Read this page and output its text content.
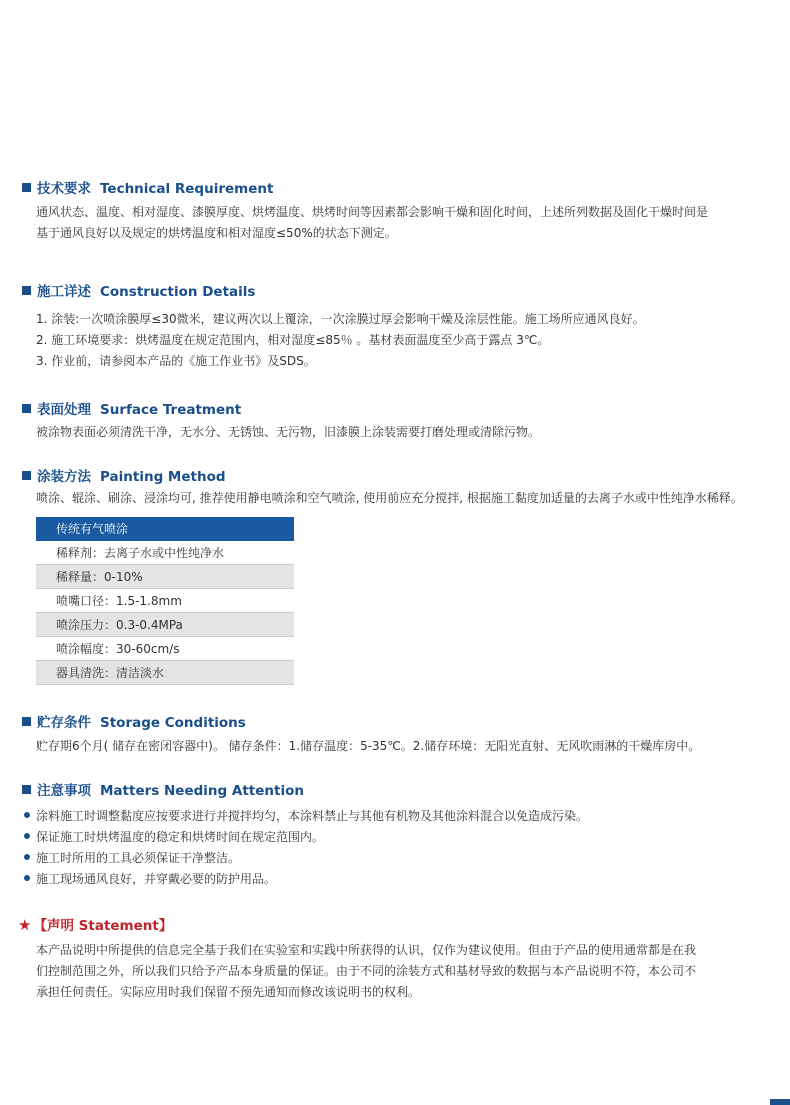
技术要求 Technical Requirement
通风状态、温度、相对湿度、漆膜厚度、烘烤温度、烘烤时间等因素都会影响干燥和固化时间，上述所列数据及固化干燥时间是
基于通风良好以及规定的烘烤温度和相对湿度≤50%的状态下测定。
施工详述 Construction Details
1. 涂装:一次喷涂膜厚≤30微米，建议两次以上覆涂，一次涂膜过厚会影响干燥及涂层性能。施工场所应通风良好。
2. 施工环境要求：烘烤温度在规定范围内，相对湿度≤85％ 。基材表面温度至少高于露点 3℃。
3. 作业前，请参阅本产品的《施工作业书》及SDS。
表面处理 Surface Treatment
被涂物表面必须清洗干净，无水分、无锈蚀、无污物，旧漆膜上涂装需要打磨处理或清除污物。
涂装方法 Painting Method
喷涂、辊涂、刷涂、浸涂均可, 推荐使用静电喷涂和空气喷涂, 使用前应充分搅拌, 根据施工黏度加适量的去离子水或中性纯净水稀释。
传统有气喷涂
稀释剂：去离子水或中性纯净水
稀释量：0-10%
喷嘴口径：1.5-1.8mm
喷涂压力：0.3-0.4MPa
喷涂幅度：30-60cm/s
器具清洗：清洁淡水
贮存条件 Storage Conditions
贮存期6个月( 储存在密闭容器中)。 储存条件：1.储存温度：5-35℃。2.储存环境：无阳光直射、无风吹雨淋的干燥库房中。
注意事项 Matters Needing Attention
涂料施工时调整黏度应按要求进行并搅拌均匀，本涂料禁止与其他有机物及其他涂料混合以免造成污染。
保证施工时烘烤温度的稳定和烘烤时间在规定范围内。
施工时所用的工具必须保证干净整洁。
施工现场通风良好，并穿戴必要的防护用品。
★ 【声明 Statement】
本产品说明中所提供的信息完全基于我们在实验室和实践中所获得的认识，仅作为建议使用。但由于产品的使用通常都是在我
们控制范围之外，所以我们只给予产品本身质量的保证。由于不同的涂装方式和基材导致的数据与本产品说明不符，本公司不
承担任何责任。实际应用时我们保留不预先通知而修改该说明书的权利。
